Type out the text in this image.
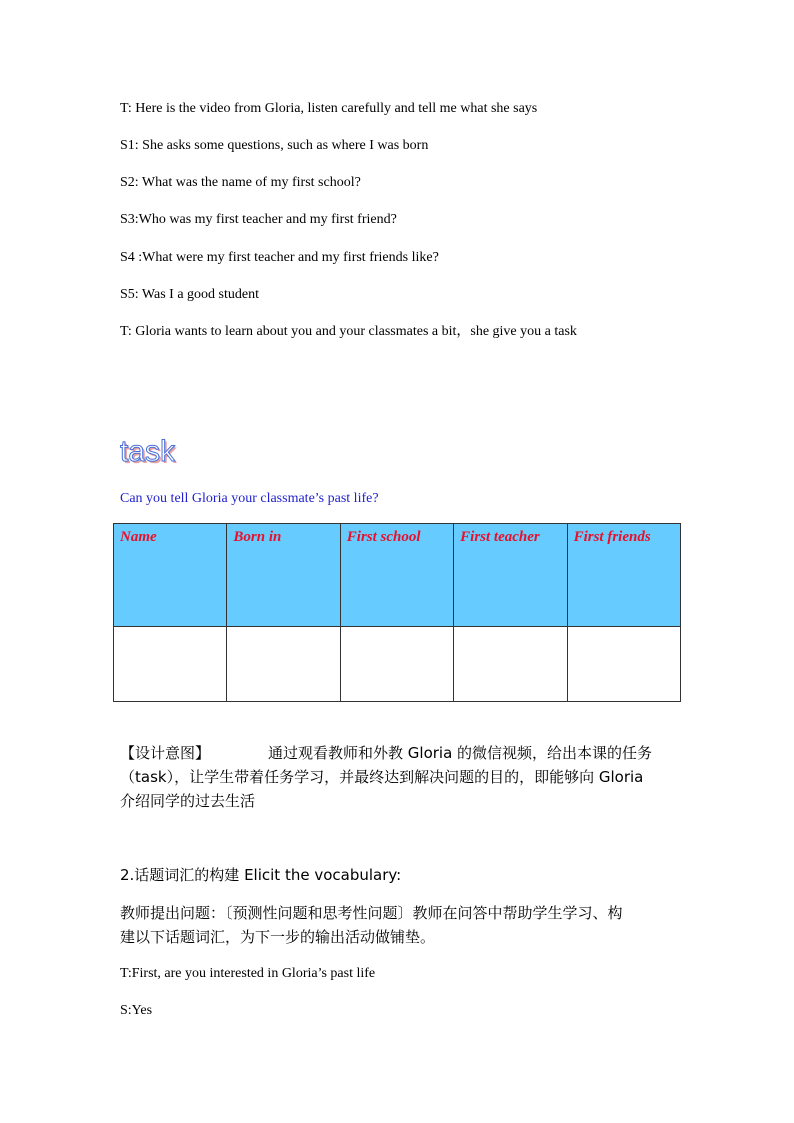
T: Here is the video from Gloria, listen carefully and tell me what she says
S1: She asks some questions, such as where I was born
S2: What was the name of my first school?
S3:Who was my first teacher and my first friend?
S4 :What were my first teacher and my first friends like?
S5: Was I a good student
T: Gloria wants to learn about you and your classmates a bit，she give you a task
task
Can you tell Gloria your classmate’s past life?
Name	Born in	First school	First teacher	First friends

【设计意图】	通过观看教师和外教 Gloria 的微信视频，给出本课的任务
（task），让学生带着任务学习，并最终达到解决问题的目的，即能够向 Gloria
介绍同学的过去生活
2.话题词汇的构建 Elicit the vocabulary:
教师提出问题：〔预测性问题和思考性问题〕教师在问答中帮助学生学习、构
建以下话题词汇，为下一步的输出活动做铺垫。
T:First, are you interested in Gloria’s past life
S:Yes
